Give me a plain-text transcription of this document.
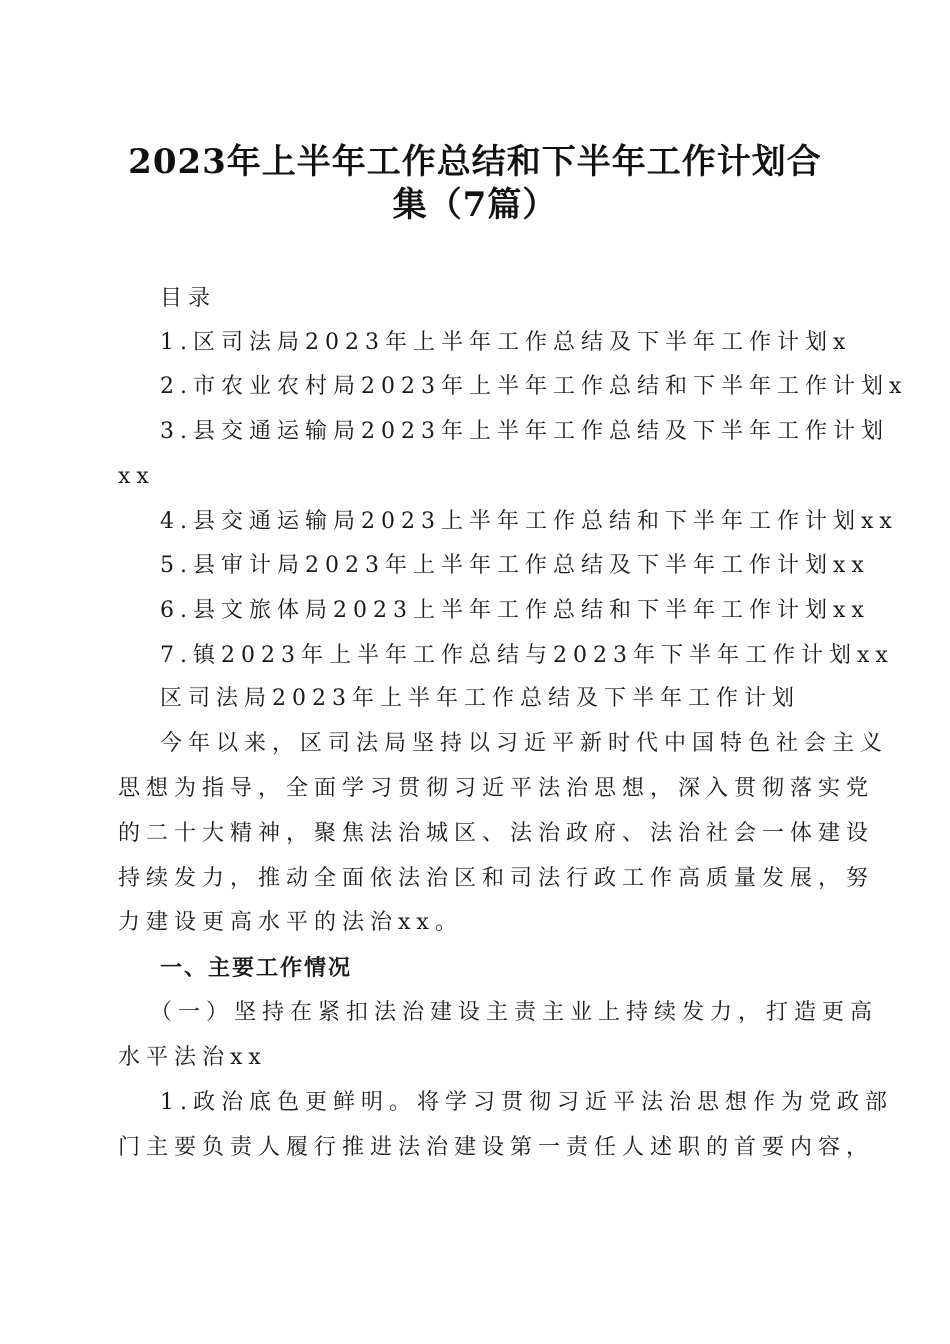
2023年上半年工作总结和下半年工作计划合
集（7篇）
目录
1.区司法局2023年上半年工作总结及下半年工作计划x
2.市农业农村局2023年上半年工作总结和下半年工作计划x
3.县交通运输局2023年上半年工作总结及下半年工作计划
xx
4.县交通运输局2023上半年工作总结和下半年工作计划xx
5.县审计局2023年上半年工作总结及下半年工作计划xx
6.县文旅体局2023上半年工作总结和下半年工作计划xx
7.镇2023年上半年工作总结与2023年下半年工作计划xx
区司法局2023年上半年工作总结及下半年工作计划
今年以来，区司法局坚持以习近平新时代中国特色社会主义
思想为指导，全面学习贯彻习近平法治思想，深入贯彻落实党
的二十大精神，聚焦法治城区、法治政府、法治社会一体建设
持续发力，推动全面依法治区和司法行政工作高质量发展，努
力建设更高水平的法治xx。
一、主要工作情况
（一）坚持在紧扣法治建设主责主业上持续发力，打造更高
水平法治xx
1.政治底色更鲜明。将学习贯彻习近平法治思想作为党政部
门主要负责人履行推进法治建设第一责任人述职的首要内容，
